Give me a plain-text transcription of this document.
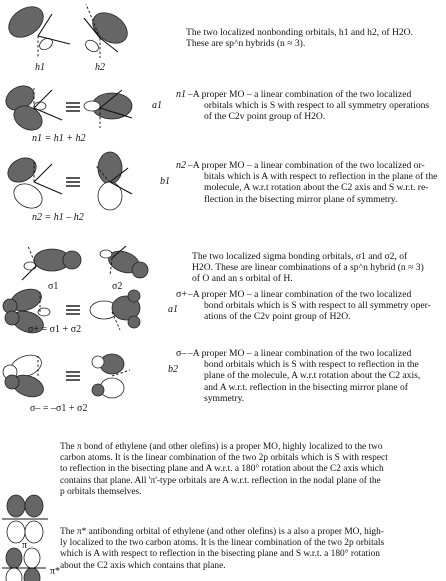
The two localized nonbonding orbitals, h1 and h2, of H2O.
These are sp^n hybrids (n ≈ 3).
h1	h2
n1 –A proper MO – a linear combination of the two localized
orbitals which is S with respect to all symmetry operations
of the C2v point group of H2O.
a1
n1 = h1 + h2
n2 –A proper MO – a linear combination of the two localized or-
bitals which is A with respect to reflection in the plane of the
molecule, A w.r.t rotation about the C2 axis and S w.r.t. re-
flection in the bisecting mirror plane of symmetry.
b1
n2 = h1 – h2
The two localized sigma bonding orbitals, σ1 and σ2, of
H2O. These are linear combinations of a sp^n hybrid (n ≈ 3)
of O and an s orbital of H.
σ1	σ2
σ+ –A proper MO – a linear combination of the two localized
bond orbitals which is S with respect to all symmetry oper-
ations of the C2v point group of H2O.
a1
σ+ = σ1 + σ2
σ– –A proper MO – a linear combination of the two localized
bond orbitals which is S with respect to reflection in the
plane of the molecule, A w.r.t rotation about the C2 axis,
and A w.r.t. reflection in the bisecting mirror plane of
symmetry.
b2
σ– = –σ1 + σ2
The π bond of ethylene (and other olefins) is a proper MO, highly localized to the two
carbon atoms. It is the linear combination of the two 2p orbitals which is S with respect
to reflection in the bisecting plane and A w.r.t. a 180° rotation about the C2 axis which
contains that plane. All 'π'-type orbitals are A w.r.t. reflection in the nodal plane of the
p orbitals themselves.
π
The π* antibonding orbital of ethylene (and other olefins) is a also a proper MO, high-
ly localized to the two carbon atoms. It is the linear combination of the two 2p orbitals
which is A with respect to reflection in the bisecting plane and S w.r.t. a 180° rotation
about the C2 axis which contains that plane.
π*
